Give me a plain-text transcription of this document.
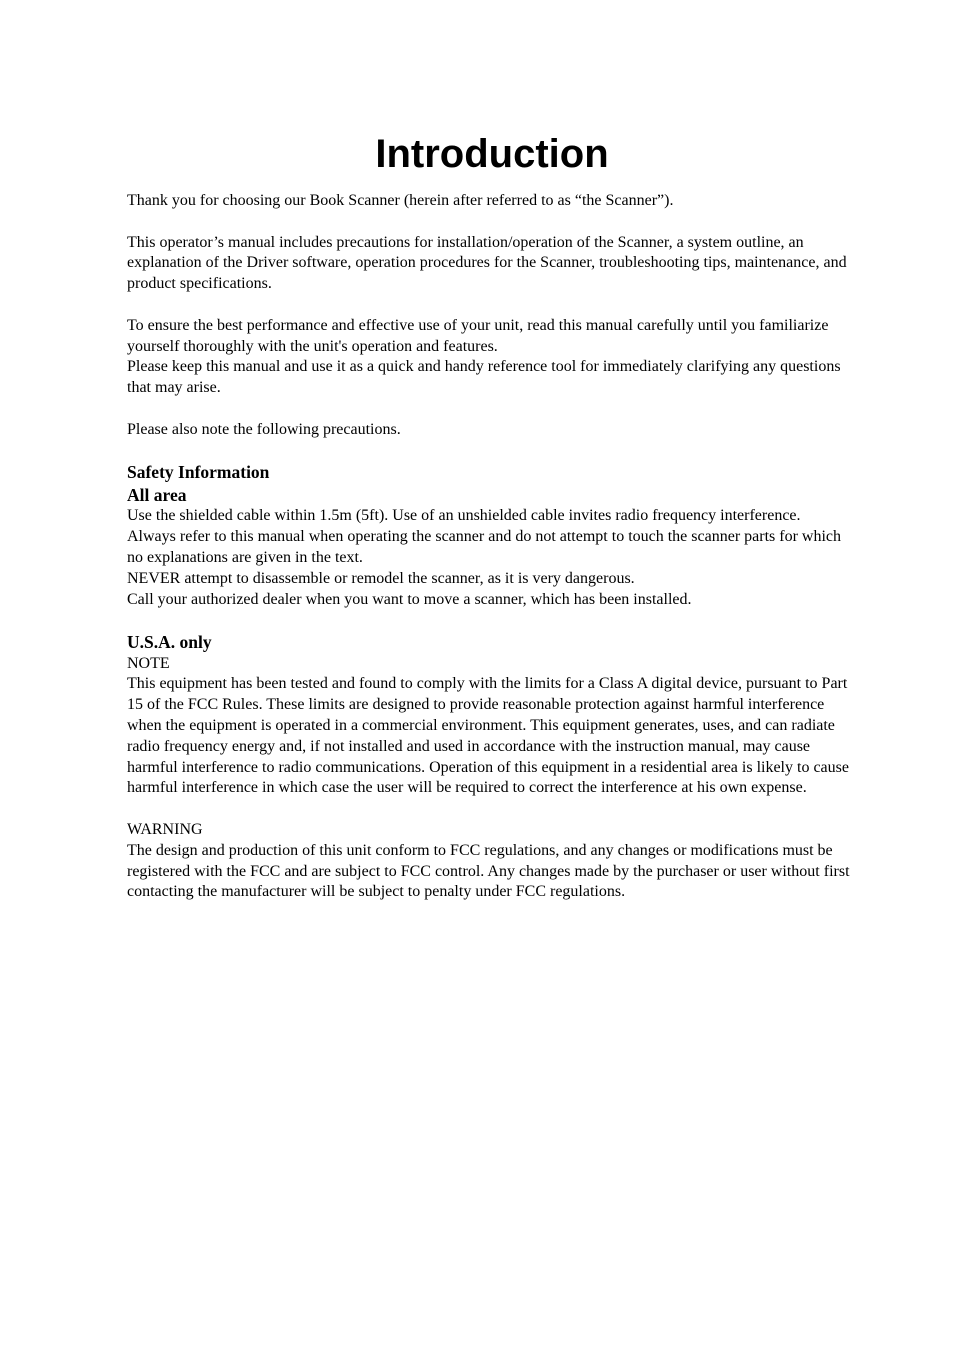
Introduction

Thank you for choosing our Book Scanner (herein after referred to as “the Scanner”).

This operator’s manual includes precautions for installation/operation of the Scanner, a system outline, an explanation of the Driver software, operation procedures for the Scanner, troubleshooting tips, maintenance, and product specifications.

To ensure the best performance and effective use of your unit, read this manual carefully until you familiarize yourself thoroughly with the unit's operation and features.

Please keep this manual and use it as a quick and handy reference tool for immediately clarifying any questions that may arise.

Please also note the following precautions.

Safety Information

All area

Use the shielded cable within 1.5m (5ft). Use of an unshielded cable invites radio frequency interference.

Always refer to this manual when operating the scanner and do not attempt to touch the scanner parts for which no explanations are given in the text.

NEVER attempt to disassemble or remodel the scanner, as it is very dangerous.

Call your authorized dealer when you want to move a scanner, which has been installed.

U.S.A. only

NOTE

This equipment has been tested and found to comply with the limits for a Class A digital device, pursuant to Part 15 of the FCC Rules. These limits are designed to provide reasonable protection against harmful interference when the equipment is operated in a commercial environment. This equipment generates, uses, and can radiate radio frequency energy and, if not installed and used in accordance with the instruction manual, may cause harmful interference to radio communications. Operation of this equipment in a residential area is likely to cause harmful interference in which case the user will be required to correct the interference at his own expense.

WARNING

The design and production of this unit conform to FCC regulations, and any changes or modifications must be registered with the FCC and are subject to FCC control. Any changes made by the purchaser or user without first contacting the manufacturer will be subject to penalty under FCC regulations.
